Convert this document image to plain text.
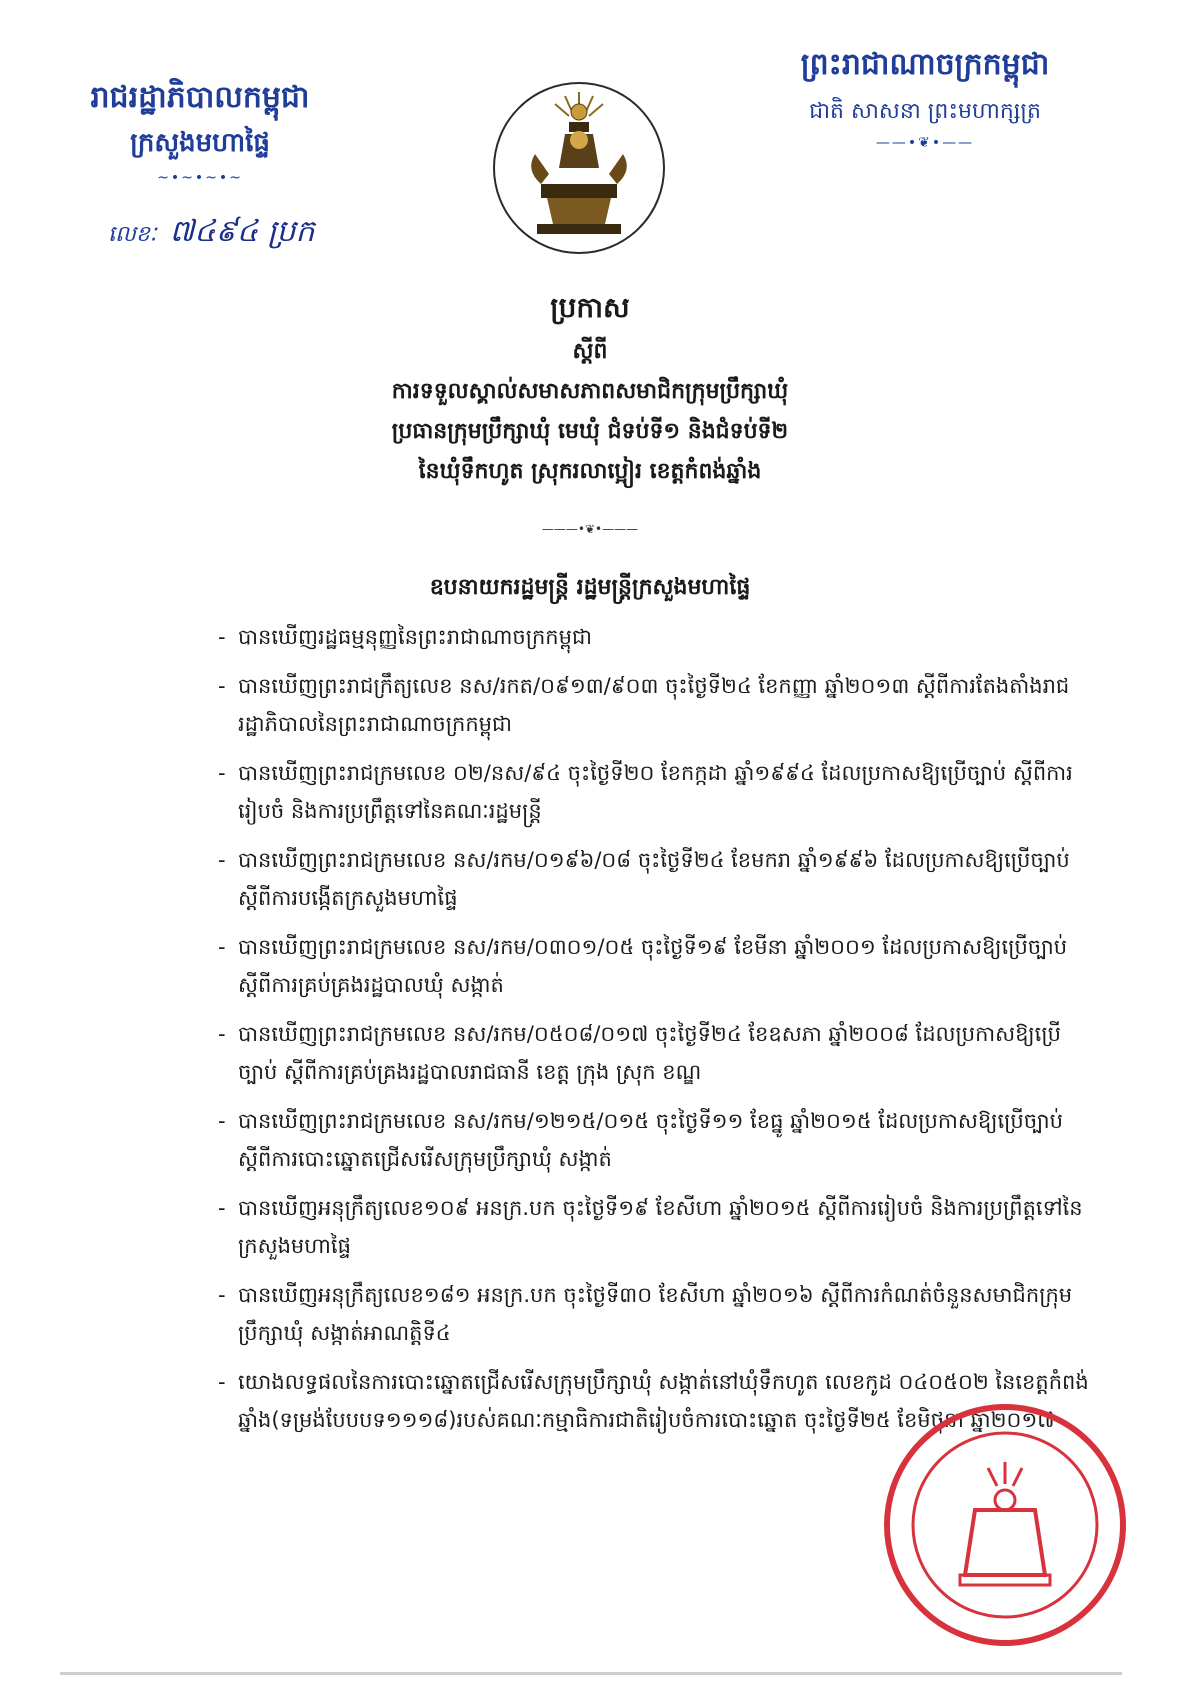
រាជរដ្ឋាភិបាលកម្ពុជា
ក្រសួងមហាផ្ទៃ
~•~•~•~
លេខៈ ៧៤៩៤ ប្រក
ព្រះរាជាណាចក្រកម្ពុជា
ជាតិ សាសនា ព្រះមហាក្សត្រ
——•❦•——
ប្រកាស
ស្តីពី
ការទទួលស្គាល់សមាសភាពសមាជិកក្រុមប្រឹក្សាឃុំ
ប្រធានក្រុមប្រឹក្សាឃុំ មេឃុំ ជំទប់ទី១ និងជំទប់ទី២
នៃឃុំទឹកហូត ស្រុករលាប្អៀរ ខេត្តកំពង់ឆ្នាំង
———•❦•———
ឧបនាយករដ្ឋមន្ត្រី រដ្ឋមន្ត្រីក្រសួងមហាផ្ទៃ
- បានឃើញរដ្ឋធម្មនុញ្ញនៃព្រះរាជាណាចក្រកម្ពុជា
- បានឃើញព្រះរាជក្រឹត្យលេខ នស/រកត/០៩១៣/៩០៣ ចុះថ្ងៃទី២៤ ខែកញ្ញា ឆ្នាំ២០១៣ ស្តីពីការតែងតាំងរាជរដ្ឋាភិបាលនៃព្រះរាជាណាចក្រកម្ពុជា
- បានឃើញព្រះរាជក្រមលេខ ០២/នស/៩៤ ចុះថ្ងៃទី២០ ខែកក្កដា ឆ្នាំ១៩៩៤ ដែលប្រកាសឱ្យប្រើច្បាប់ ស្តីពីការរៀបចំ និងការប្រព្រឹត្តទៅនៃគណៈរដ្ឋមន្ត្រី
- បានឃើញព្រះរាជក្រមលេខ នស/រកម/០១៩៦/០៨ ចុះថ្ងៃទី២៤ ខែមករា ឆ្នាំ១៩៩៦ ដែលប្រកាសឱ្យប្រើច្បាប់ ស្តីពីការបង្កើតក្រសួងមហាផ្ទៃ
- បានឃើញព្រះរាជក្រមលេខ នស/រកម/០៣០១/០៥ ចុះថ្ងៃទី១៩ ខែមីនា ឆ្នាំ២០០១ ដែលប្រកាសឱ្យប្រើច្បាប់ ស្តីពីការគ្រប់គ្រងរដ្ឋបាលឃុំ សង្កាត់
- បានឃើញព្រះរាជក្រមលេខ នស/រកម/០៥០៨/០១៧ ចុះថ្ងៃទី២៤ ខែឧសភា ឆ្នាំ២០០៨ ដែលប្រកាសឱ្យប្រើច្បាប់ ស្តីពីការគ្រប់គ្រងរដ្ឋបាលរាជធានី ខេត្ត ក្រុង ស្រុក ខណ្ឌ
- បានឃើញព្រះរាជក្រមលេខ នស/រកម/១២១៥/០១៥ ចុះថ្ងៃទី១១ ខែធ្នូ ឆ្នាំ២០១៥ ដែលប្រកាសឱ្យប្រើច្បាប់ ស្តីពីការបោះឆ្នោតជ្រើសរើសក្រុមប្រឹក្សាឃុំ សង្កាត់
- បានឃើញអនុក្រឹត្យលេខ១០៩ អនក្រ.បក ចុះថ្ងៃទី១៩ ខែសីហា ឆ្នាំ២០១៥ ស្តីពីការរៀបចំ និងការប្រព្រឹត្តទៅនៃក្រសួងមហាផ្ទៃ
- បានឃើញអនុក្រឹត្យលេខ១៨១ អនក្រ.បក ចុះថ្ងៃទី៣០ ខែសីហា ឆ្នាំ២០១៦ ស្តីពីការកំណត់ចំនួនសមាជិកក្រុមប្រឹក្សាឃុំ សង្កាត់អាណត្តិទី៤
- យោងលទ្ធផលនៃការបោះឆ្នោតជ្រើសរើសក្រុមប្រឹក្សាឃុំ សង្កាត់នៅឃុំទឹកហូត លេខកូដ ០៤០៥០២ នៃខេត្តកំពង់ឆ្នាំង(ទម្រង់បែបបទ១១១៨)របស់គណៈកម្មាធិការជាតិរៀបចំការបោះឆ្នោត ចុះថ្ងៃទី២៥ ខែមិថុនា ឆ្នាំ២០១៧
